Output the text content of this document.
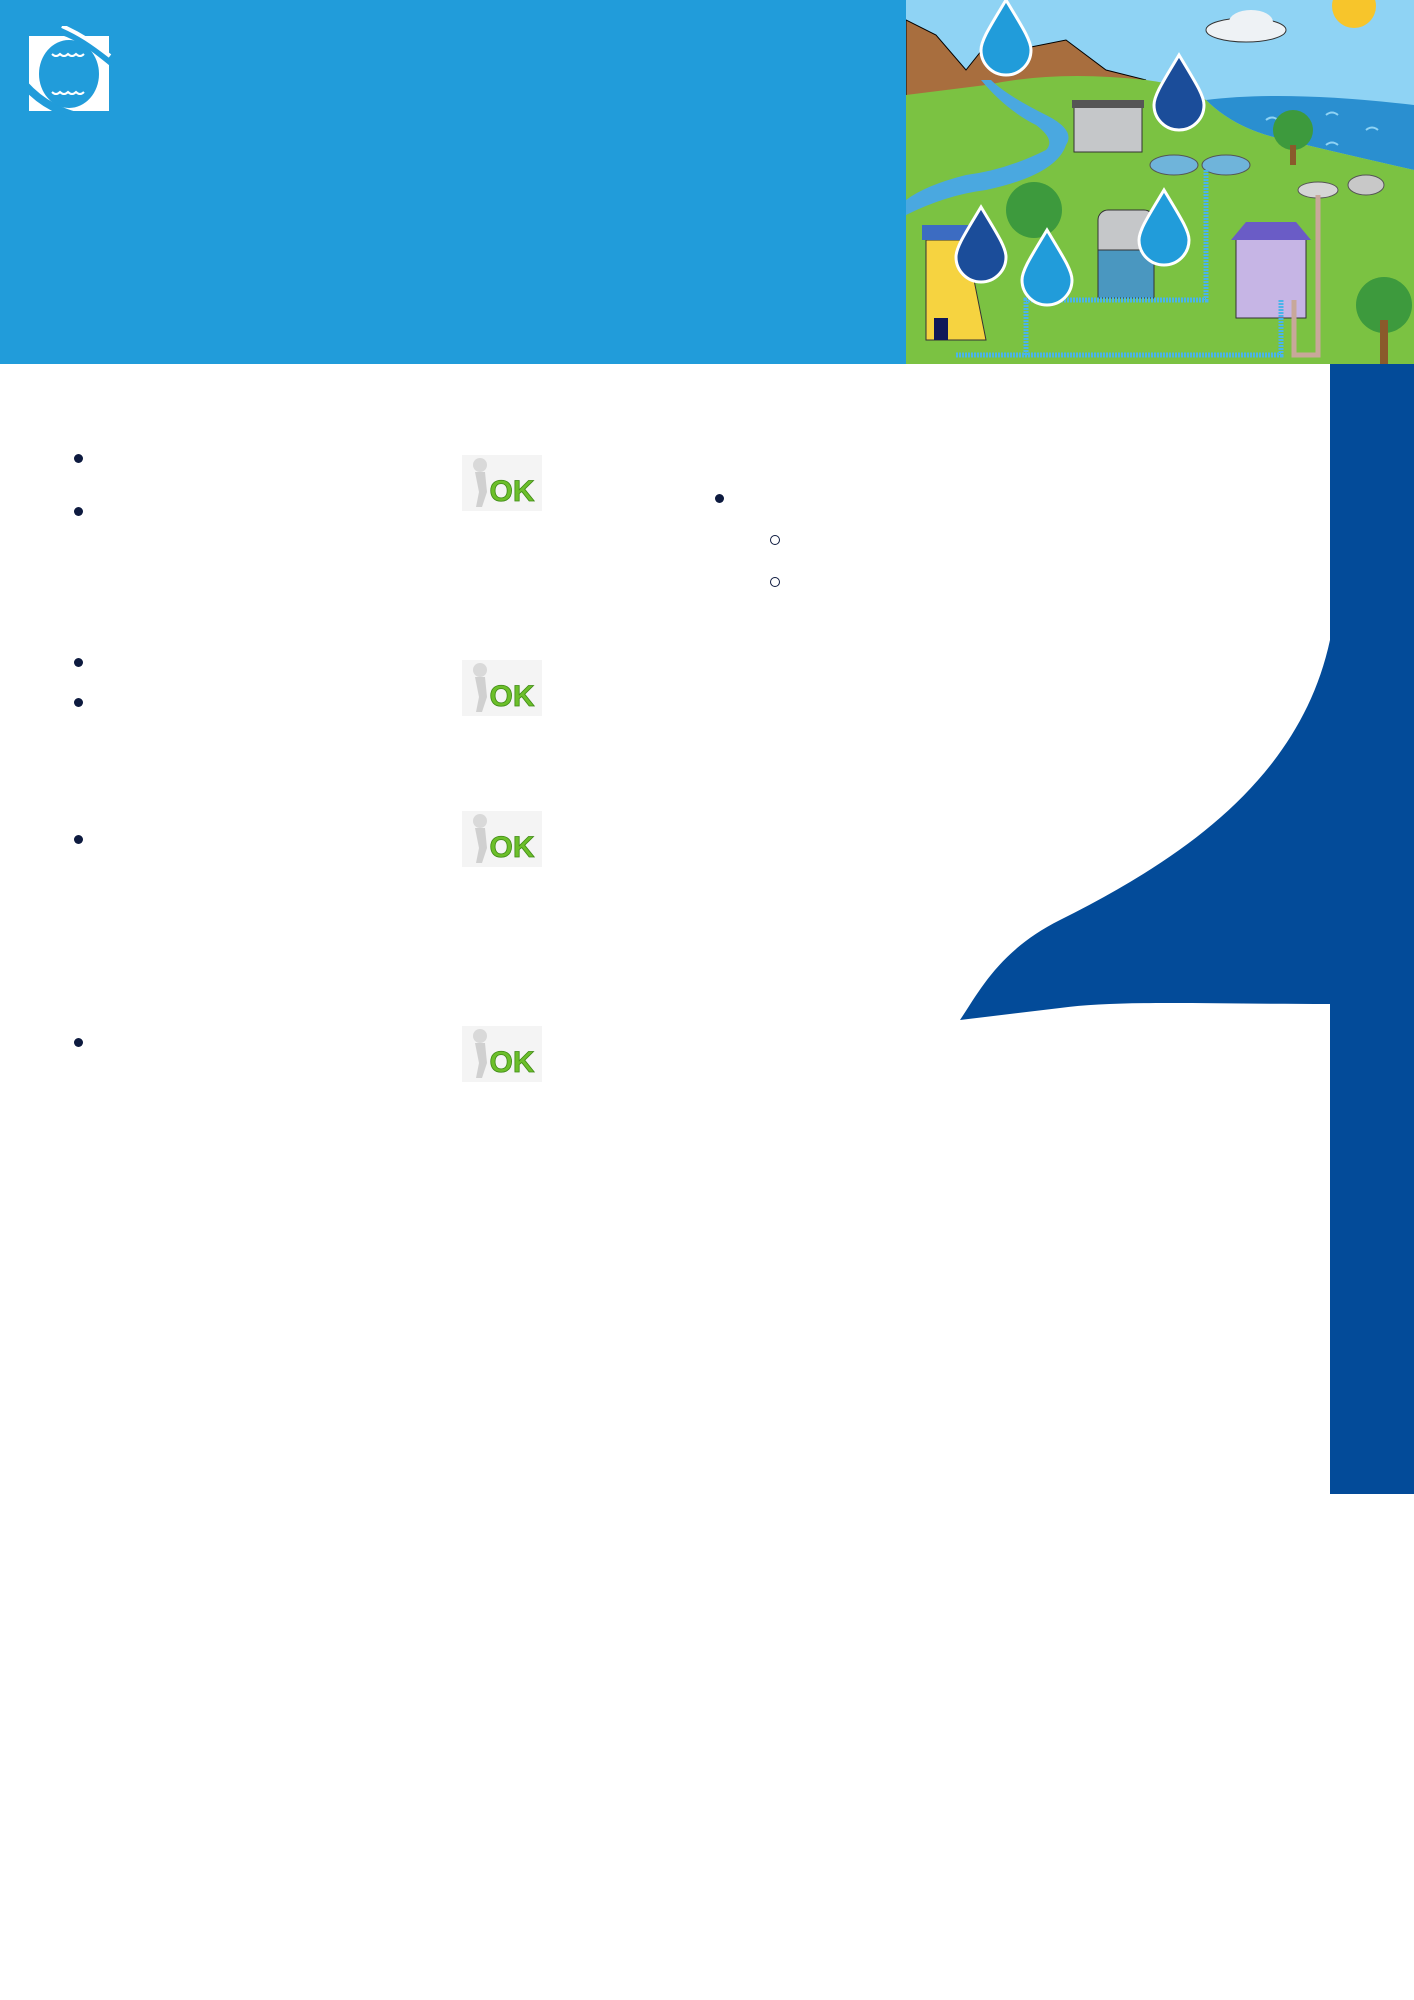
OK
OK
OK
OK
